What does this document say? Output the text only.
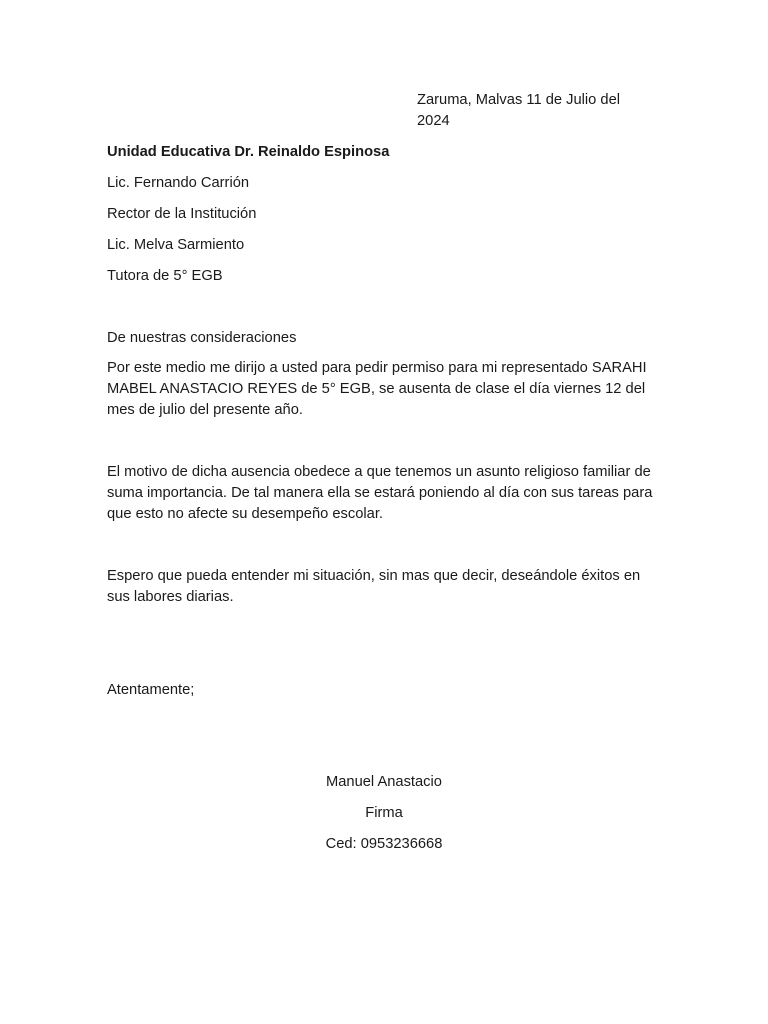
Zaruma, Malvas 11 de Julio del
2024

Unidad Educativa Dr. Reinaldo Espinosa

Lic. Fernando Carrión

Rector de la Institución

Lic. Melva Sarmiento

Tutora de 5° EGB

De nuestras consideraciones

Por este medio me dirijo a usted para pedir permiso para mi representado SARAHI MABEL ANASTACIO REYES de 5° EGB, se ausenta de clase el día viernes 12 del mes de julio del presente año.

El motivo de dicha ausencia obedece a que tenemos un asunto religioso familiar de suma importancia. De tal manera ella se estará poniendo al día con sus tareas para que esto no afecte su desempeño escolar.

Espero que pueda entender mi situación, sin mas que decir, deseándole éxitos en sus labores diarias.

Atentamente;

Manuel Anastacio

Firma

Ced: 0953236668
